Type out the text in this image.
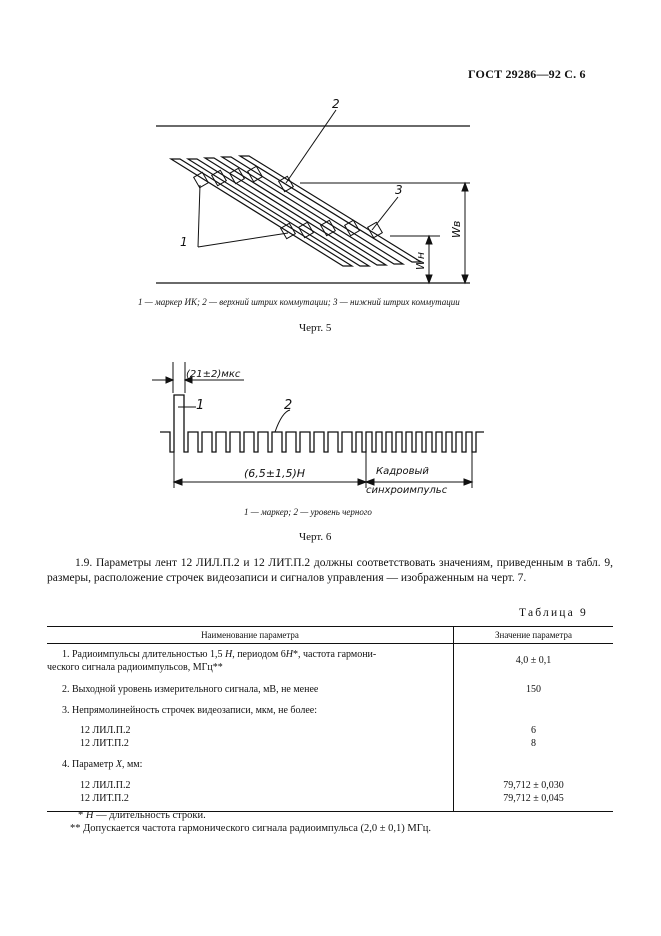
ГОСТ 29286—92 С. 6
2
3
1
Wв
Wн
1 — маркер ИК; 2 — верхний штрих коммутации; 3 — нижний штрих коммутации
Черт. 5
(21±2)мкс
1	2
(6,5±1,5)H	Кадровый
синхроимпульс
1 — маркер; 2 — уровень черного
Черт. 6
1.9. Параметры лент 12 ЛИЛ.П.2 и 12 ЛИТ.П.2 должны соответствовать значениям, приведенным в табл. 9, размеры, расположение строчек видеозаписи и сигналов управления — изображенным на черт. 7.
Таблица 9
Наименование параметра	Значение параметра
1. Радиоимпульсы длительностью 1,5 H, периодом 6H*, частота гармони-
ческого сигнала радиоимпульсов, МГц**	4,0 ± 0,1
2. Выходной уровень измерительного сигнала, мВ, не менее	150
3. Непрямолинейность строчек видеозаписи, мкм, не более:	
12 ЛИЛ.П.2	6
12 ЛИТ.П.2	8
4. Параметр X, мм:	
12 ЛИЛ.П.2	79,712 ± 0,030
12 ЛИТ.П.2	79,712 ± 0,045

* H — длительность строки.
** Допускается частота гармонического сигнала радиоимпульса (2,0 ± 0,1) МГц.
